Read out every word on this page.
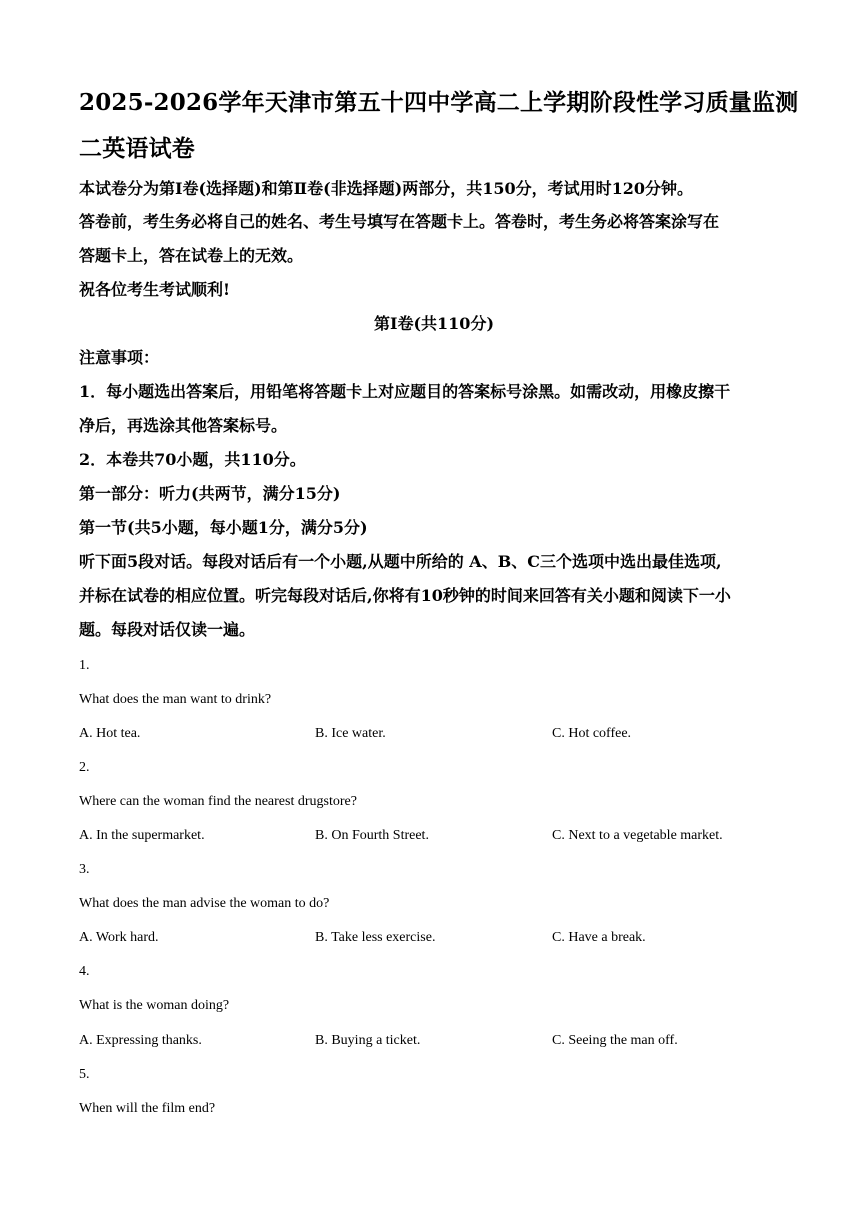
2025-2026学年天津市第五十四中学高二上学期阶段性学习质量监测
二英语试卷
本试卷分为第Ⅰ卷(选择题)和第Ⅱ卷(非选择题)两部分，共150分，考试用时120分钟。
答卷前，考生务必将自己的姓名、考生号填写在答题卡上。答卷时，考生务必将答案涂写在
答题卡上，答在试卷上的无效。
祝各位考生考试顺利!
第Ⅰ卷(共110分)
注意事项：
1．每小题选出答案后，用铅笔将答题卡上对应题目的答案标号涂黑。如需改动，用橡皮擦干
净后，再选涂其他答案标号。
2．本卷共70小题，共110分。
第一部分：听力(共两节，满分15分)
第一节(共5小题，每小题1分，满分5分)
听下面5段对话。每段对话后有一个小题,从题中所给的 A、B、C三个选项中选出最佳选项,
并标在试卷的相应位置。听完每段对话后,你将有10秒钟的时间来回答有关小题和阅读下一小
题。每段对话仅读一遍。
1.
What does the man want to drink?
A. Hot tea.	B. Ice water.	C. Hot coffee.
2.
Where can the woman find the nearest drugstore?
A. In the supermarket.	B. On Fourth Street.	C. Next to a vegetable market.
3.
What does the man advise the woman to do?
A. Work hard.	B. Take less exercise.	C. Have a break.
4.
What is the woman doing?
A. Expressing thanks.	B. Buying a ticket.	C. Seeing the man off.
5.
When will the film end?
